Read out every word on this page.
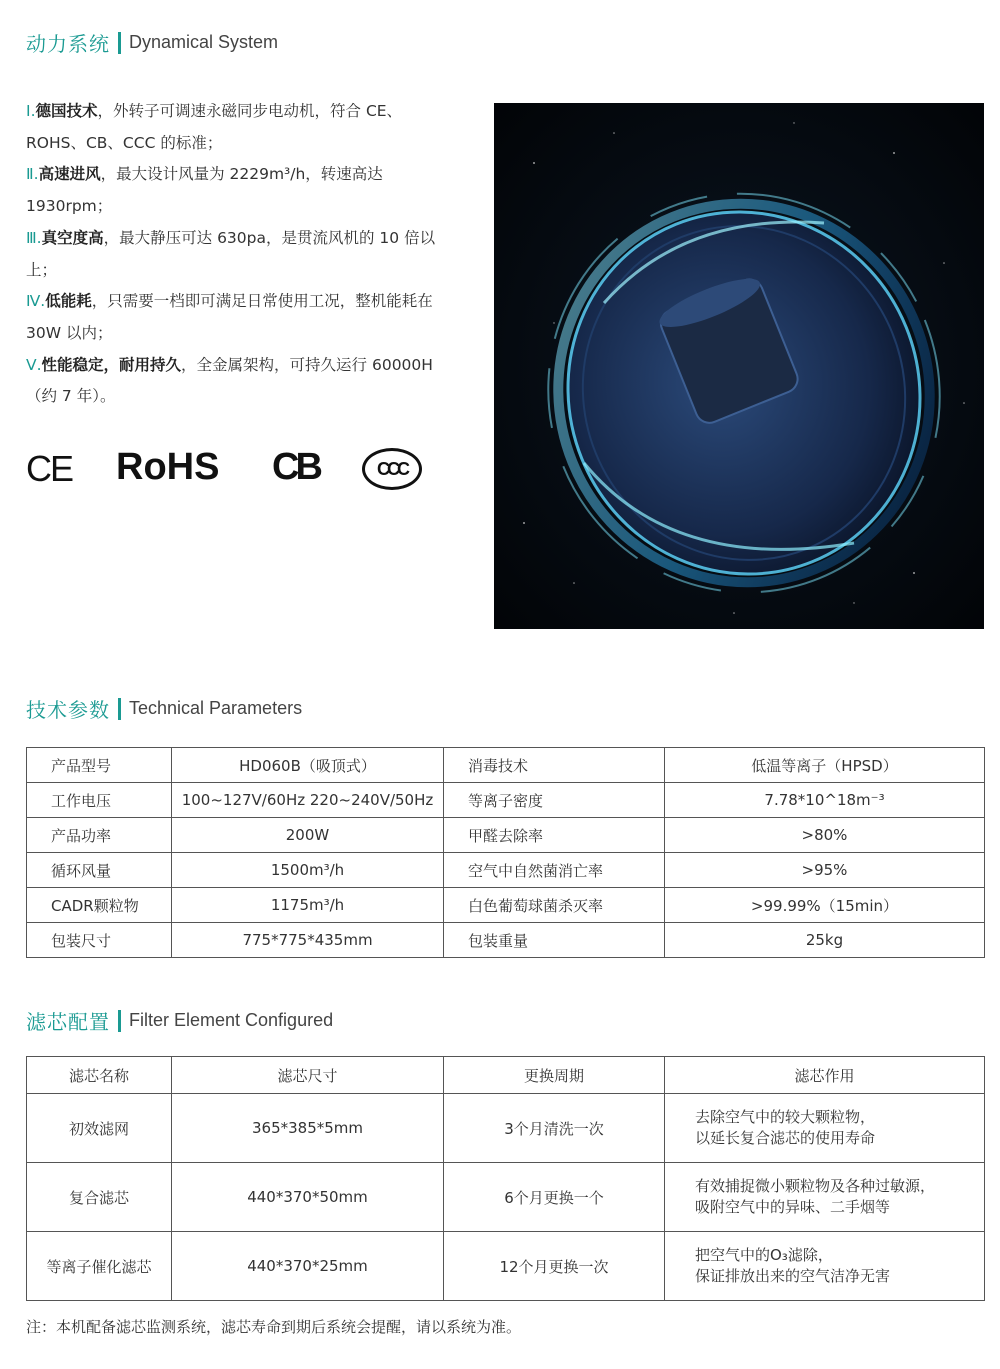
动力系统 Dynamical System
Ⅰ.德国技术，外转子可调速永磁同步电动机，符合 CE、ROHS、CB、CCC 的标准；
Ⅱ.高速进风，最大设计风量为 2229m³/h，转速高达 1930rpm；
Ⅲ.真空度高，最大静压可达 630pa，是贯流风机的 10 倍以上；
Ⅳ.低能耗，只需要一档即可满足日常使用工况，整机能耗在 30W 以内；
Ⅴ.性能稳定，耐用持久，全金属架构，可持久运行 60000H（约 7 年）。
CE RoHS CB	CCC
技术参数 Technical Parameters
产品型号	HD060B（吸顶式）	消毒技术	低温等离子（HPSD）
工作电压	100~127V/60Hz 220~240V/50Hz	等离子密度	7.78*10^18m⁻³
产品功率	200W	甲醛去除率	>80%
循环风量	1500m³/h	空气中自然菌消亡率	>95%
CADR颗粒物	1175m³/h	白色葡萄球菌杀灭率	>99.99%（15min）
包装尺寸	775*775*435mm	包装重量	25kg
滤芯配置 Filter Element Configured
滤芯名称	滤芯尺寸	更换周期	滤芯作用
初效滤网	365*385*5mm	3个月清洗一次	去除空气中的较大颗粒物，
以延长复合滤芯的使用寿命

复合滤芯	440*370*50mm	6个月更换一个	有效捕捉微小颗粒物及各种过敏源，
吸附空气中的异味、二手烟等

等离子催化滤芯	440*370*25mm	12个月更换一次	把空气中的O₃滤除，
保证排放出来的空气洁净无害
注：本机配备滤芯监测系统，滤芯寿命到期后系统会提醒，请以系统为准。
